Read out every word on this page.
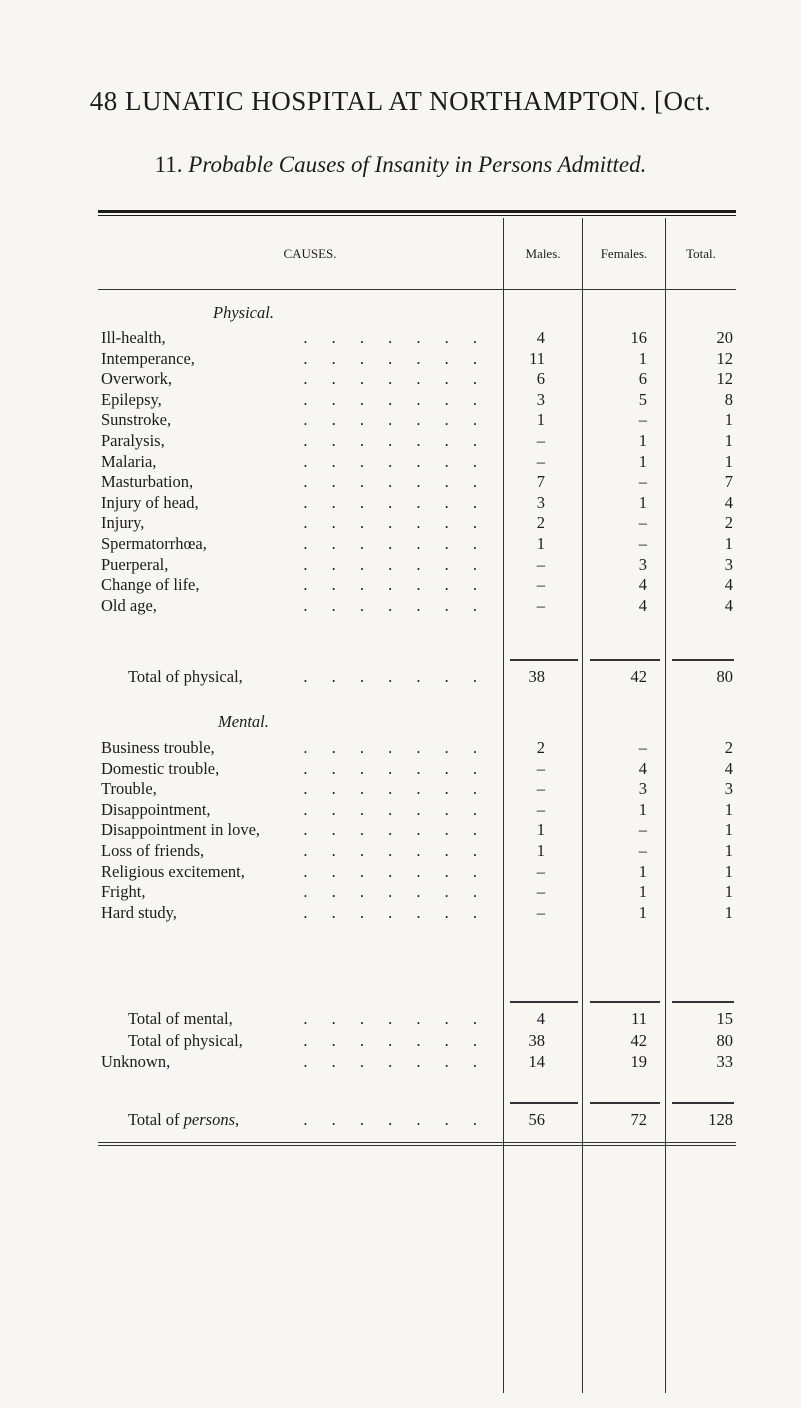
48 LUNATIC HOSPITAL AT NORTHAMPTON. [Oct.
11. Probable Causes of Insanity in Persons Admitted.
CAUSES.	Males.	Females.	Total.
Physical.
Ill-health,	. . . . . . .	4	16	20
Intemperance,	. . . . . . .	11	1	12
Overwork,	. . . . . . .	6	6	12
Epilepsy,	. . . . . . .	3	5	8
Sunstroke,	. . . . . . .	1	–	1
Paralysis,	. . . . . . .	–	1	1
Malaria,	. . . . . . .	–	1	1
Masturbation,	. . . . . . .	7	–	7
Injury of head,	. . . . . . .	3	1	4
Injury,	. . . . . . .	2	–	2
Spermatorrhœa,	. . . . . . .	1	–	1
Puerperal,	. . . . . . .	–	3	3
Change of life,	. . . . . . .	–	4	4
Old age,	. . . . . . .	–	4	4
Total of physical,	. . . . . . .	38	42	80
Mental.
Business trouble,	. . . . . . .	2	–	2
Domestic trouble,	. . . . . . .	–	4	4
Trouble,	. . . . . . .	–	3	3
Disappointment,	. . . . . . .	–	1	1
Disappointment in love,	. . . . . . .	1	–	1
Loss of friends,	. . . . . . .	1	–	1
Religious excitement,	. . . . . . .	–	1	1
Fright,	. . . . . . .	–	1	1
Hard study,	. . . . . . .	–	1	1
Total of mental,	. . . . . . .	4	11	15
Total of physical,	. . . . . . .	38	42	80
Unknown,	. . . . . . .	14	19	33
Total of persons,	. . . . . . .	56	72	128
